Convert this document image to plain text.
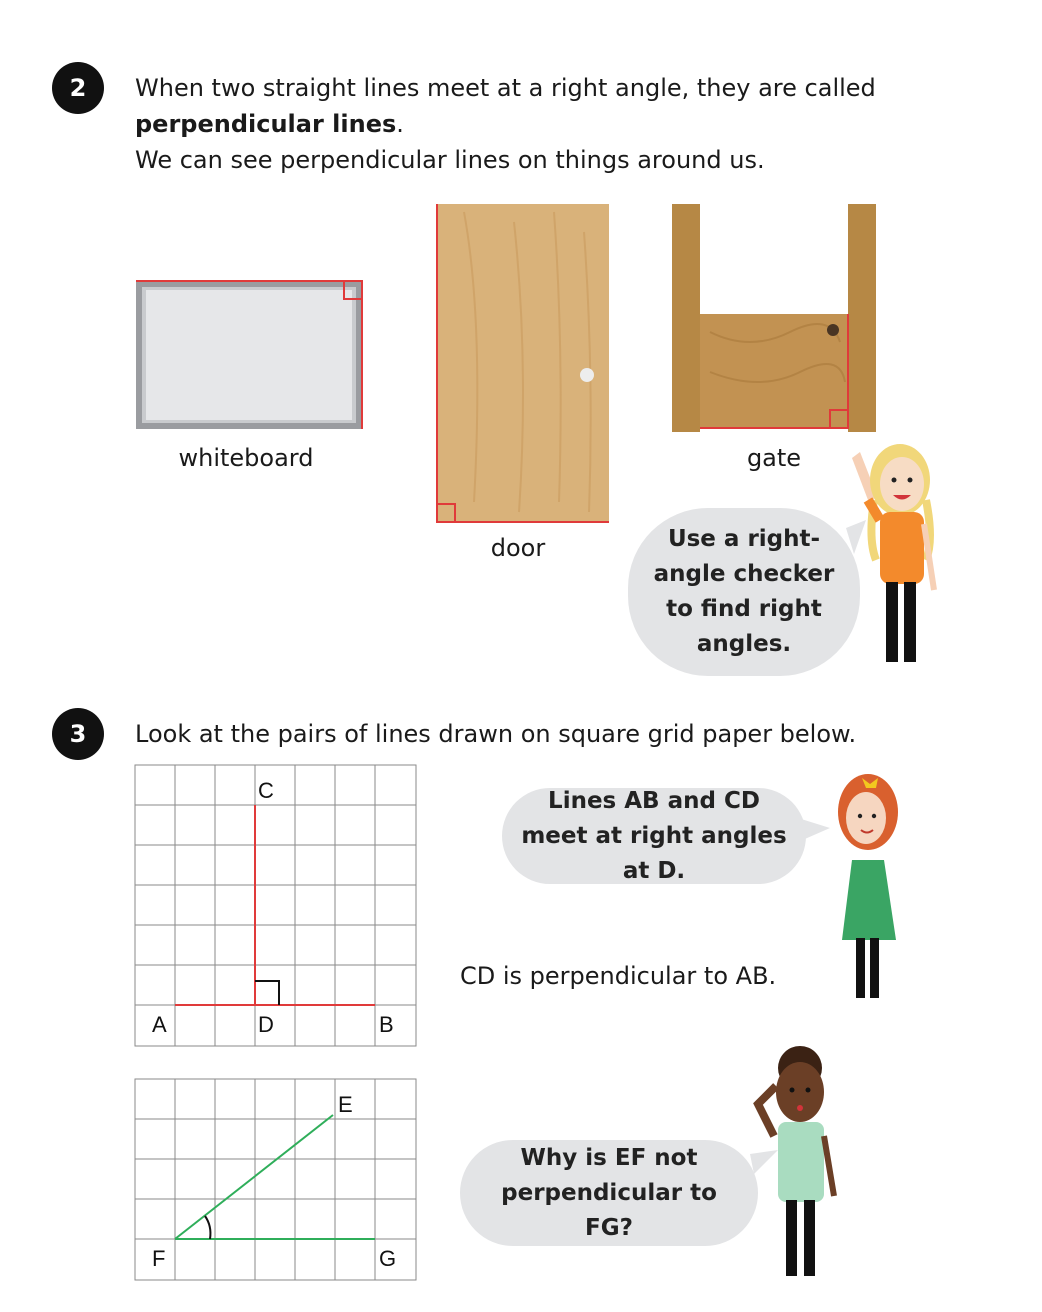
2	When two straight lines meet at a right angle, they are called
perpendicular lines.
We can see perpendicular lines on things around us.
whiteboard
door
gate
Use a right-angle checker to find right angles.
3	Look at the pairs of lines drawn on square grid paper below.
C
A	D	B
Lines AB and CD meet at right angles at D.
CD is perpendicular to AB.
E
F	G
Why is EF not perpendicular to FG?
